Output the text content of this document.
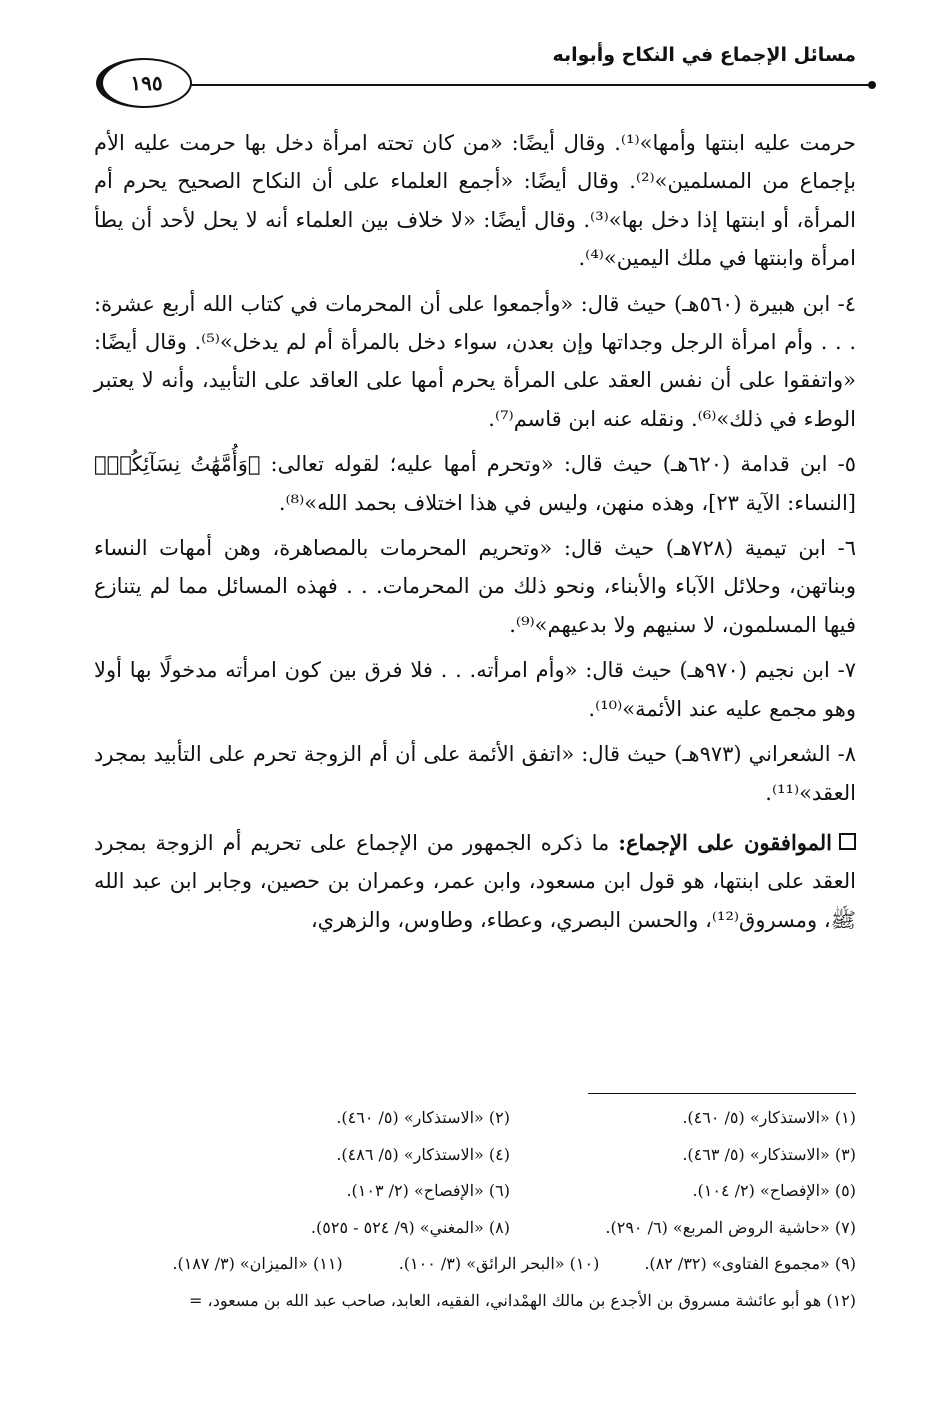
مسائل الإجماع في النكاح وأبوابه
١٩٥

حرمت عليه ابنتها وأمها»⁽¹⁾. وقال أيضًا: «من كان تحته امرأة دخل بها حرمت عليه الأم بإجماع من المسلمين»⁽²⁾. وقال أيضًا: «أجمع العلماء على أن النكاح الصحيح يحرم أم المرأة، أو ابنتها إذا دخل بها»⁽³⁾. وقال أيضًا: «لا خلاف بين العلماء أنه لا يحل لأحد أن يطأ امرأة وابنتها في ملك اليمين»⁽⁴⁾.

٤- ابن هبيرة (٥٦٠هـ) حيث قال: «وأجمعوا على أن المحرمات في كتاب الله أربع عشرة: . . . وأم امرأة الرجل وجداتها وإن بعدن، سواء دخل بالمرأة أم لم يدخل»⁽⁵⁾. وقال أيضًا: «واتفقوا على أن نفس العقد على المرأة يحرم أمها على العاقد على التأبيد، وأنه لا يعتبر الوطء في ذلك»⁽⁶⁾. ونقله عنه ابن قاسم⁽⁷⁾.

٥- ابن قدامة (٦٢٠هـ) حيث قال: «وتحرم أمها عليه؛ لقوله تعالى: ﴿وَأُمَّهَٰتُ نِسَآئِكُمۡ﴾ [النساء: الآية ٢٣]، وهذه منهن، وليس في هذا اختلاف بحمد الله»⁽⁸⁾.

٦- ابن تيمية (٧٢٨هـ) حيث قال: «وتحريم المحرمات بالمصاهرة، وهن أمهات النساء وبناتهن، وحلائل الآباء والأبناء، ونحو ذلك من المحرمات. . . فهذه المسائل مما لم يتنازع فيها المسلمون، لا سنيهم ولا بدعيهم»⁽⁹⁾.

٧- ابن نجيم (٩٧٠هـ) حيث قال: «وأم امرأته. . . فلا فرق بين كون امرأته مدخولًا بها أولا وهو مجمع عليه عند الأئمة»⁽¹⁰⁾.

٨- الشعراني (٩٧٣هـ) حيث قال: «اتفق الأئمة على أن أم الزوجة تحرم على التأبيد بمجرد العقد»⁽¹¹⁾.

الموافقون على الإجماع: ما ذكره الجمهور من الإجماع على تحريم أم الزوجة بمجرد العقد على ابنتها، هو قول ابن مسعود، وابن عمر، وعمران بن حصين، وجابر ابن عبد الله ﷺ، ومسروق⁽¹²⁾، والحسن البصري، وعطاء، وطاوس، والزهري،

(١) «الاستذكار» (٥/ ٤٦٠).
(٢) «الاستذكار» (٥/ ٤٦٠).
(٣) «الاستذكار» (٥/ ٤٦٣).
(٤) «الاستذكار» (٥/ ٤٨٦).
(٥) «الإفصاح» (٢/ ١٠٤).
(٦) «الإفصاح» (٢/ ١٠٣).
(٧) «حاشية الروض المربع» (٦/ ٢٩٠).
(٨) «المغني» (٩/ ٥٢٤ - ٥٢٥).
(٩) «مجموع الفتاوى» (٣٢/ ٨٢).
(١٠) «البحر الرائق» (٣/ ١٠٠).
(١١) «الميزان» (٣/ ١٨٧).
(١٢) هو أبو عائشة مسروق بن الأجدع بن مالك الهمْداني، الفقيه، العابد، صاحب عبد الله بن مسعود، =
